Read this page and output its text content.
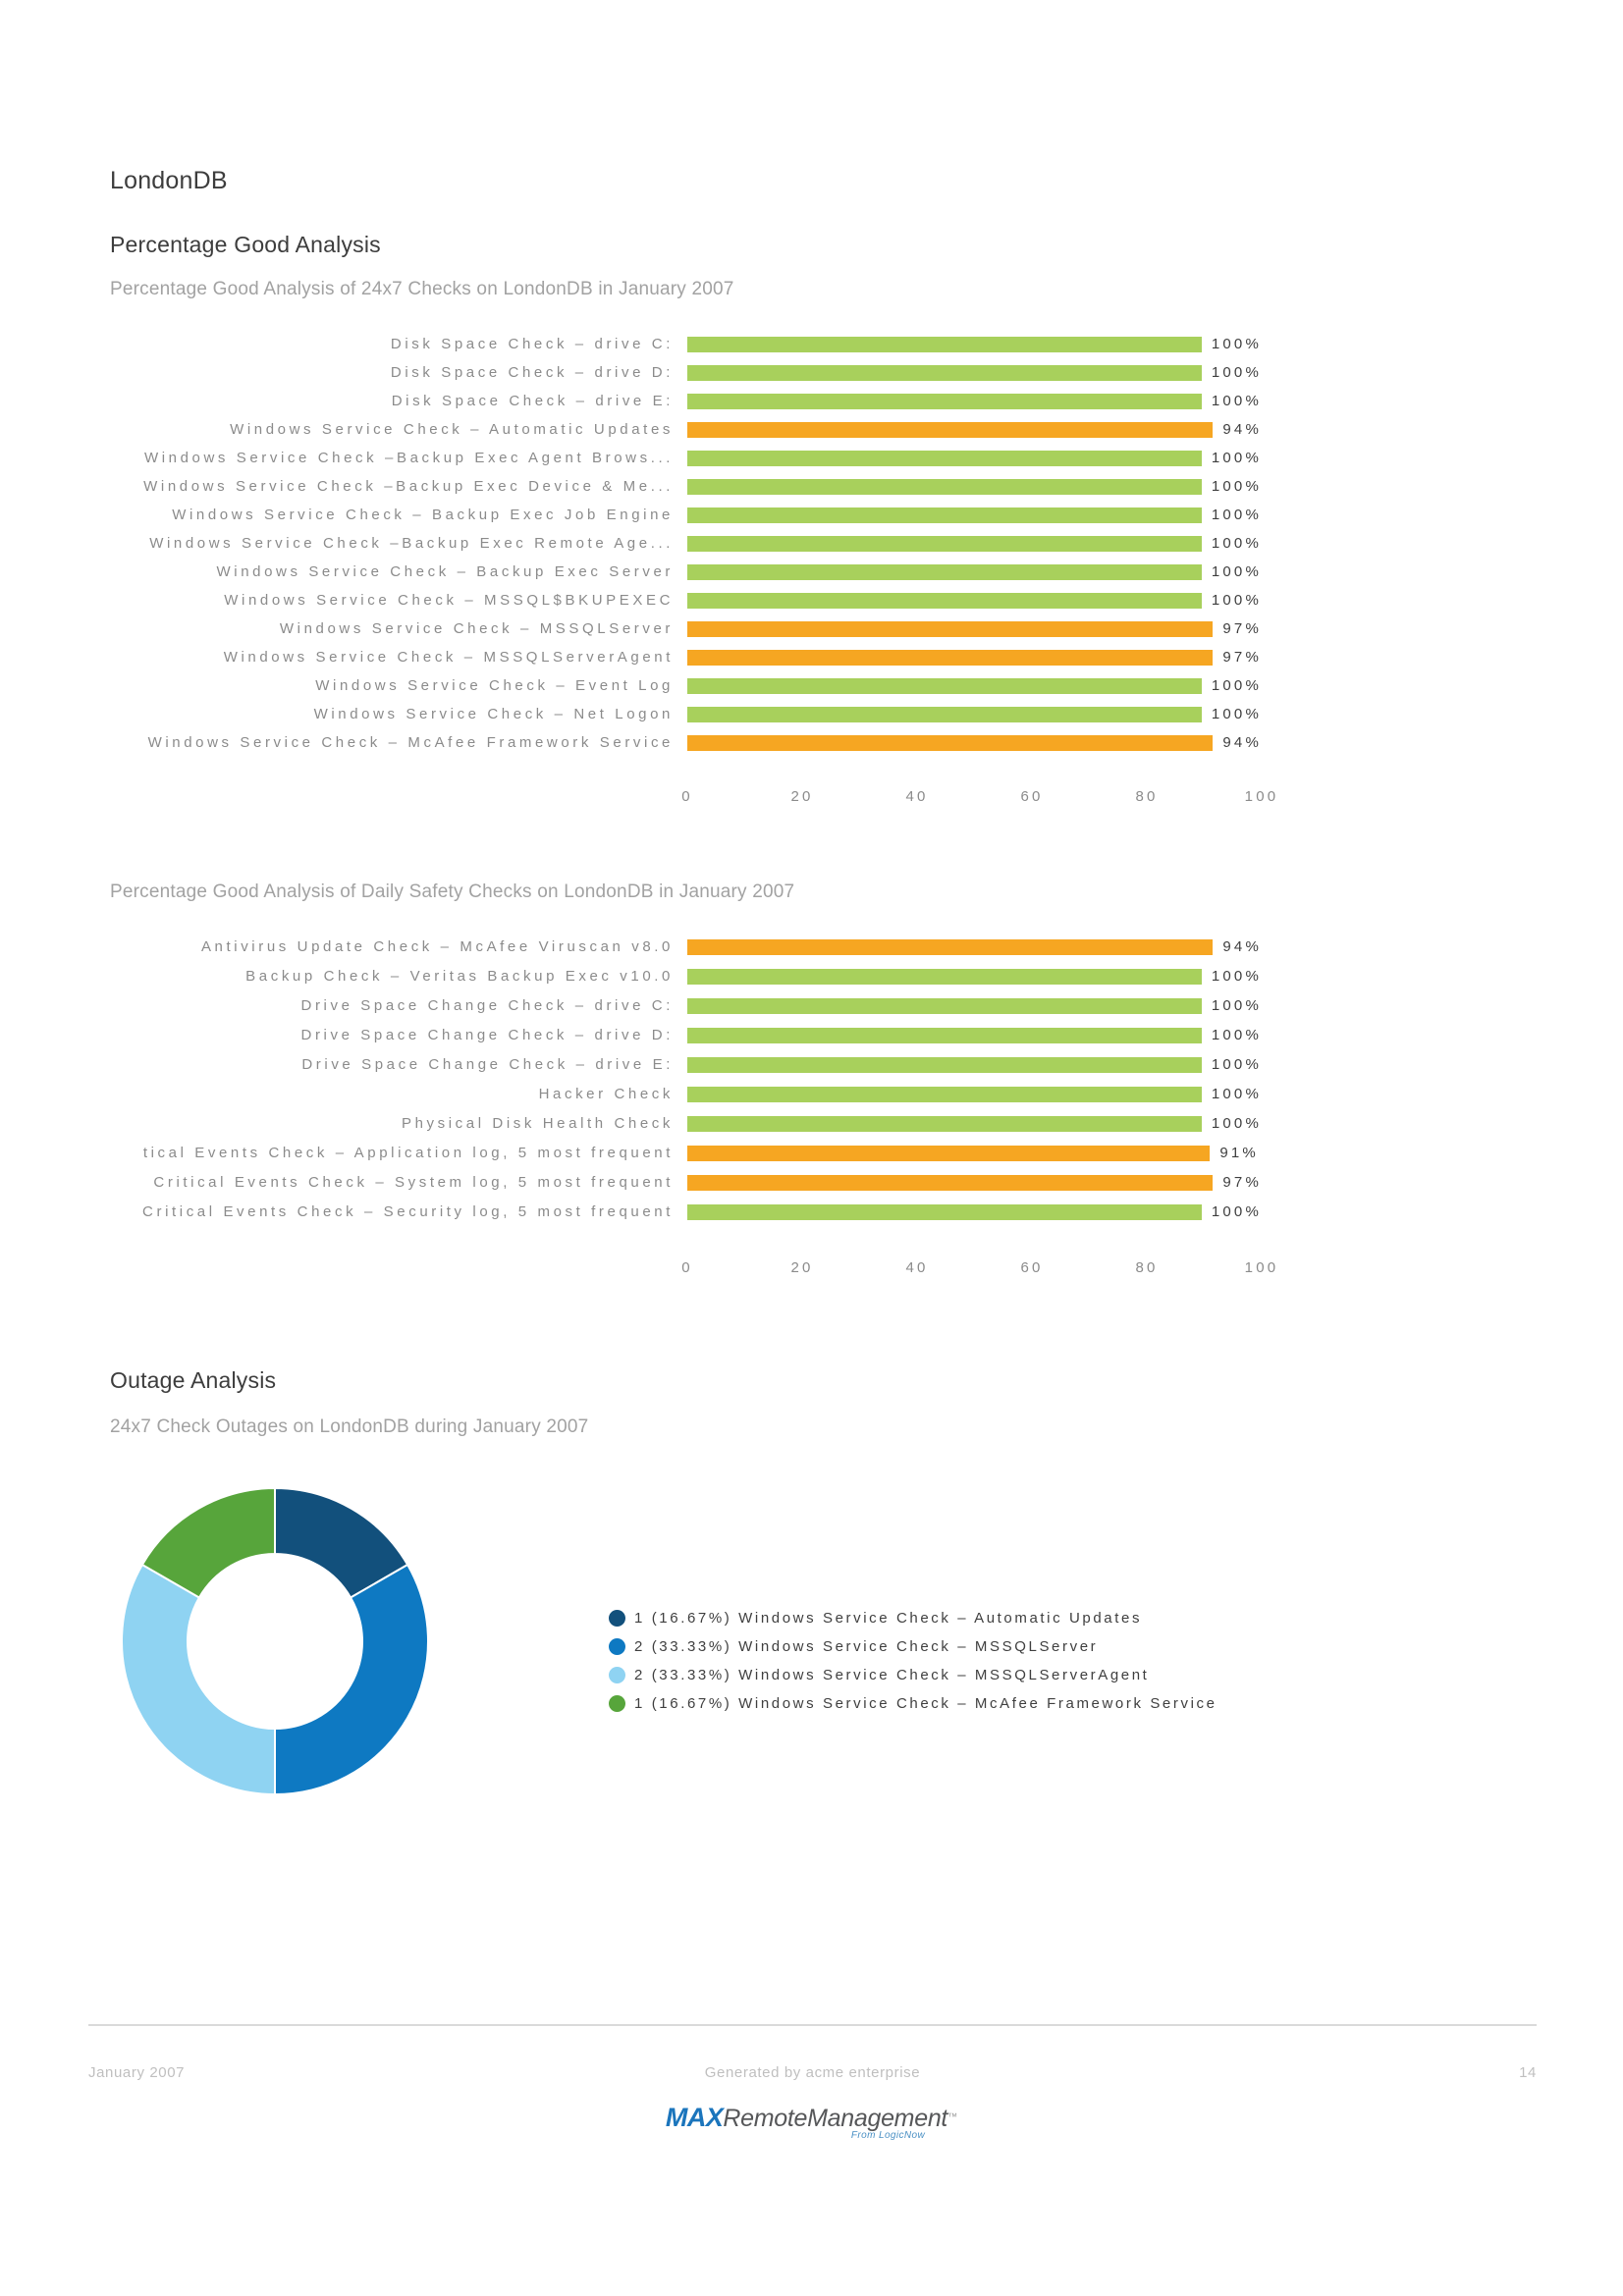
LondonDB
Percentage Good Analysis
Percentage Good Analysis of 24x7 Checks on LondonDB in January 2007
Disk Space Check – drive C:	100%
Disk Space Check – drive D:	100%
Disk Space Check – drive E:	100%
Windows Service Check – Automatic Updates	94%
Windows Service Check –Backup Exec Agent Brows...	100%
Windows Service Check –Backup Exec Device & Me...	100%
Windows Service Check – Backup Exec Job Engine	100%
Windows Service Check –Backup Exec Remote Age...	100%
Windows Service Check – Backup Exec Server	100%
Windows Service Check – MSSQL$BKUPEXEC	100%
Windows Service Check – MSSQLServer	97%
Windows Service Check – MSSQLServerAgent	97%
Windows Service Check – Event Log	100%
Windows Service Check – Net Logon	100%
Windows Service Check – McAfee Framework Service	94%
0	20	40	60	80	100
Percentage Good Analysis of Daily Safety Checks on LondonDB in January 2007
Antivirus Update Check – McAfee Viruscan v8.0	94%
Backup Check – Veritas Backup Exec v10.0	100%
Drive Space Change Check – drive C:	100%
Drive Space Change Check – drive D:	100%
Drive Space Change Check – drive E:	100%
Hacker Check	100%
Physical Disk Health Check	100%
tical Events Check – Application log, 5 most frequent	91%
Critical Events Check – System log, 5 most frequent	97%
Critical Events Check – Security log, 5 most frequent	100%
0	20	40	60	80	100
Outage Analysis
24x7 Check Outages on LondonDB during January 2007
1 (16.67%) Windows Service Check – Automatic Updates
2 (33.33%) Windows Service Check – MSSQLServer
2 (33.33%) Windows Service Check – MSSQLServerAgent
1 (16.67%) Windows Service Check – McAfee Framework Service
January 2007	Generated by acme enterprise	14
MAXRemoteManagement™
From LogicNow
